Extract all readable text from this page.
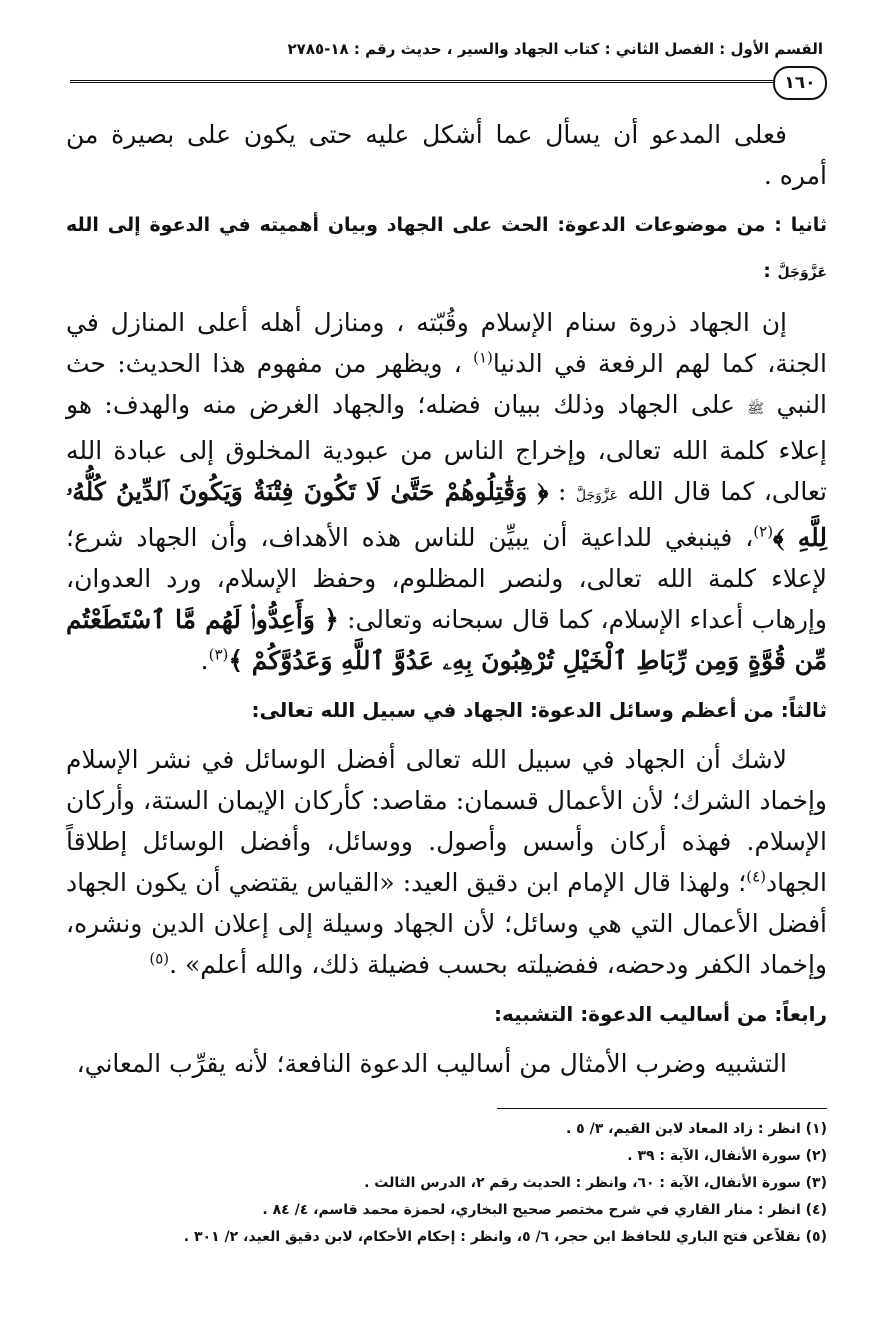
القسم الأول : الفصل الثاني : كتاب الجهاد والسير ، حديث رقم : ١٨-٢٧٨٥
١٦٠

فعلى المدعو أن يسأل عما أشكل عليه حتى يكون على بصيرة من أمره .

ثانيا : من موضوعات الدعوة: الحث على الجهاد وبيان أهميته في الدعوة إلى الله عَزَّوَجَلَّ :

إن الجهاد ذروة سنام الإسلام وقُبّته ، ومنازل أهله أعلى المنازل في الجنة، كما لهم الرفعة في الدنيا$^{(١)}$ ، ويظهر من مفهوم هذا الحديث: حث النبي ﷺ على الجهاد وذلك ببيان فضله؛ والجهاد الغرض منه والهدف: هو إعلاء كلمة الله تعالى، وإخراج الناس من عبودية المخلوق إلى عبادة الله تعالى، كما قال الله عَزَّوَجَلَّ : ﴿ وَقَٰتِلُوهُمْ حَتَّىٰ لَا تَكُونَ فِتْنَةٌ وَيَكُونَ ٱلدِّينُ كُلُّهُۥ لِلَّهِ ﴾$^{(٢)}$، فينبغي للداعية أن يبيِّن للناس هذه الأهداف، وأن الجهاد شرع؛ لإعلاء كلمة الله تعالى، ولنصر المظلوم، وحفظ الإسلام، ورد العدوان، وإرهاب أعداء الإسلام، كما قال سبحانه وتعالى: ﴿ وَأَعِدُّوا۟ لَهُم مَّا ٱسْتَطَعْتُم مِّن قُوَّةٍ وَمِن رِّبَاطِ ٱلْخَيْلِ تُرْهِبُونَ بِهِۦ عَدُوَّ ٱللَّهِ وَعَدُوَّكُمْ ﴾$^{(٣)}$.

ثالثاً: من أعظم وسائل الدعوة: الجهاد في سبيل الله تعالى:

لاشك أن الجهاد في سبيل الله تعالى أفضل الوسائل في نشر الإسلام وإخماد الشرك؛ لأن الأعمال قسمان: مقاصد: كأركان الإيمان الستة، وأركان الإسلام. فهذه أركان وأسس وأصول. ووسائل، وأفضل الوسائل إطلاقاً الجهاد$^{(٤)}$؛ ولهذا قال الإمام ابن دقيق العيد: «القياس يقتضي أن يكون الجهاد أفضل الأعمال التي هي وسائل؛ لأن الجهاد وسيلة إلى إعلان الدين ونشره، وإخماد الكفر ودحضه، ففضيلته بحسب فضيلة ذلك، والله أعلم» .$^{(٥)}$

رابعاً: من أساليب الدعوة: التشبيه:

التشبيه وضرب الأمثال من أساليب الدعوة النافعة؛ لأنه يقرِّب المعاني،

(١) انظر : زاد المعاد لابن القيم، ٣/ ٥ .
(٢) سورة الأنفال، الآية : ٣٩ .
(٣) سورة الأنفال، الآية : ٦٠، وانظر : الحديث رقم ٢، الدرس الثالث .
(٤) انظر : منار القاري في شرح مختصر صحيح البخاري، لحمزة محمد قاسم، ٤/ ٨٤ .
(٥) نقلاًعن فتح الباري للحافظ ابن حجر، ٦/ ٥، وانظر : إحكام الأحكام، لابن دقيق العيد، ٢/ ٣٠١ .
